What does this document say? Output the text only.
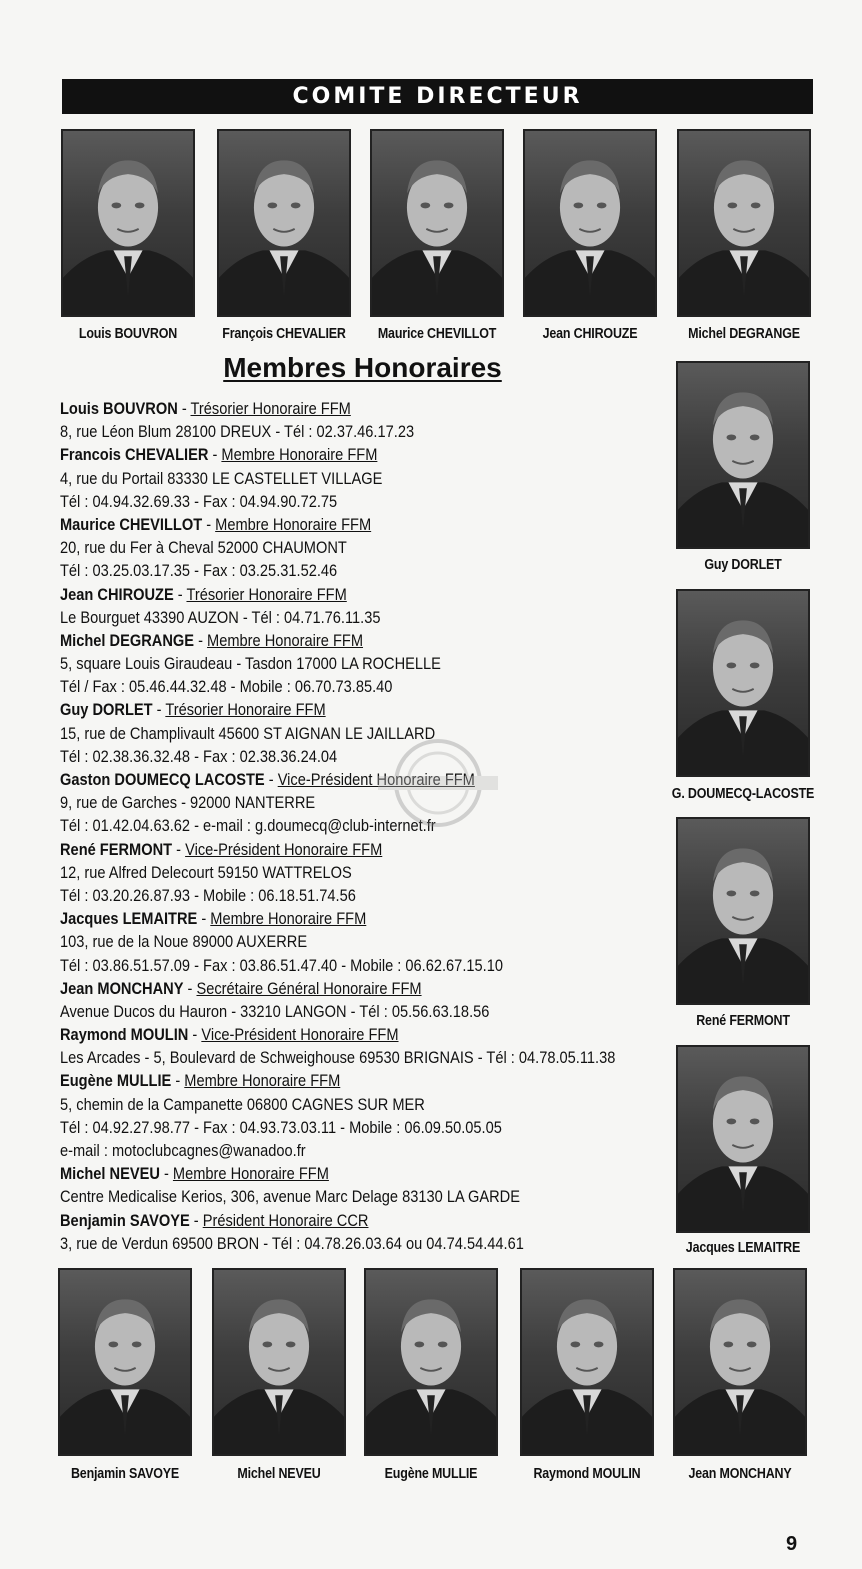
COMITE DIRECTEUR
Louis BOUVRON	François CHEVALIER	Maurice CHEVILLOT	Jean CHIROUZE	Michel DEGRANGE
Membres Honoraires
Guy DORLET
G. DOUMECQ-LACOSTE
René FERMONT
Jacques LEMAITRE
Louis BOUVRON - Trésorier Honoraire FFM
8, rue Léon Blum 28100 DREUX - Tél : 02.37.46.17.23
Francois CHEVALIER - Membre Honoraire FFM
4, rue du Portail 83330 LE CASTELLET VILLAGE
Tél : 04.94.32.69.33 - Fax : 04.94.90.72.75
Maurice CHEVILLOT - Membre Honoraire FFM
20, rue du Fer à Cheval 52000 CHAUMONT
Tél : 03.25.03.17.35 - Fax : 03.25.31.52.46
Jean CHIROUZE - Trésorier Honoraire FFM
Le Bourguet 43390 AUZON - Tél : 04.71.76.11.35
Michel DEGRANGE - Membre Honoraire FFM
5, square Louis Giraudeau - Tasdon 17000 LA ROCHELLE
Tél / Fax : 05.46.44.32.48 - Mobile : 06.70.73.85.40
Guy DORLET - Trésorier Honoraire FFM
15, rue de Champlivault 45600 ST AIGNAN LE JAILLARD
Tél : 02.38.36.32.48 - Fax : 02.38.36.24.04
Gaston DOUMECQ LACOSTE - Vice-Président Honoraire FFM
9, rue de Garches - 92000 NANTERRE
Tél : 01.42.04.63.62 - e-mail : g.doumecq@club-internet.fr
René FERMONT - Vice-Président Honoraire FFM
12, rue Alfred Delecourt 59150 WATTRELOS
Tél : 03.20.26.87.93 - Mobile : 06.18.51.74.56
Jacques LEMAITRE - Membre Honoraire FFM
103, rue de la Noue 89000 AUXERRE
Tél : 03.86.51.57.09 - Fax : 03.86.51.47.40 - Mobile : 06.62.67.15.10
Jean MONCHANY - Secrétaire Général Honoraire FFM
Avenue Ducos du Hauron - 33210 LANGON - Tél : 05.56.63.18.56
Raymond MOULIN - Vice-Président Honoraire FFM
Les Arcades - 5, Boulevard de Schweighouse 69530 BRIGNAIS - Tél : 04.78.05.11.38
Eugène MULLIE - Membre Honoraire FFM
5, chemin de la Campanette 06800 CAGNES SUR MER
Tél : 04.92.27.98.77 - Fax : 04.93.73.03.11 - Mobile : 06.09.50.05.05
e-mail : motoclubcagnes@wanadoo.fr
Michel NEVEU - Membre Honoraire FFM
Centre Medicalise Kerios, 306, avenue Marc Delage 83130 LA GARDE
Benjamin SAVOYE - Président Honoraire CCR
3, rue de Verdun 69500 BRON - Tél : 04.78.26.03.64 ou 04.74.54.44.61
Benjamin SAVOYE	Michel NEVEU	Eugène MULLIE	Raymond MOULIN	Jean MONCHANY
9
